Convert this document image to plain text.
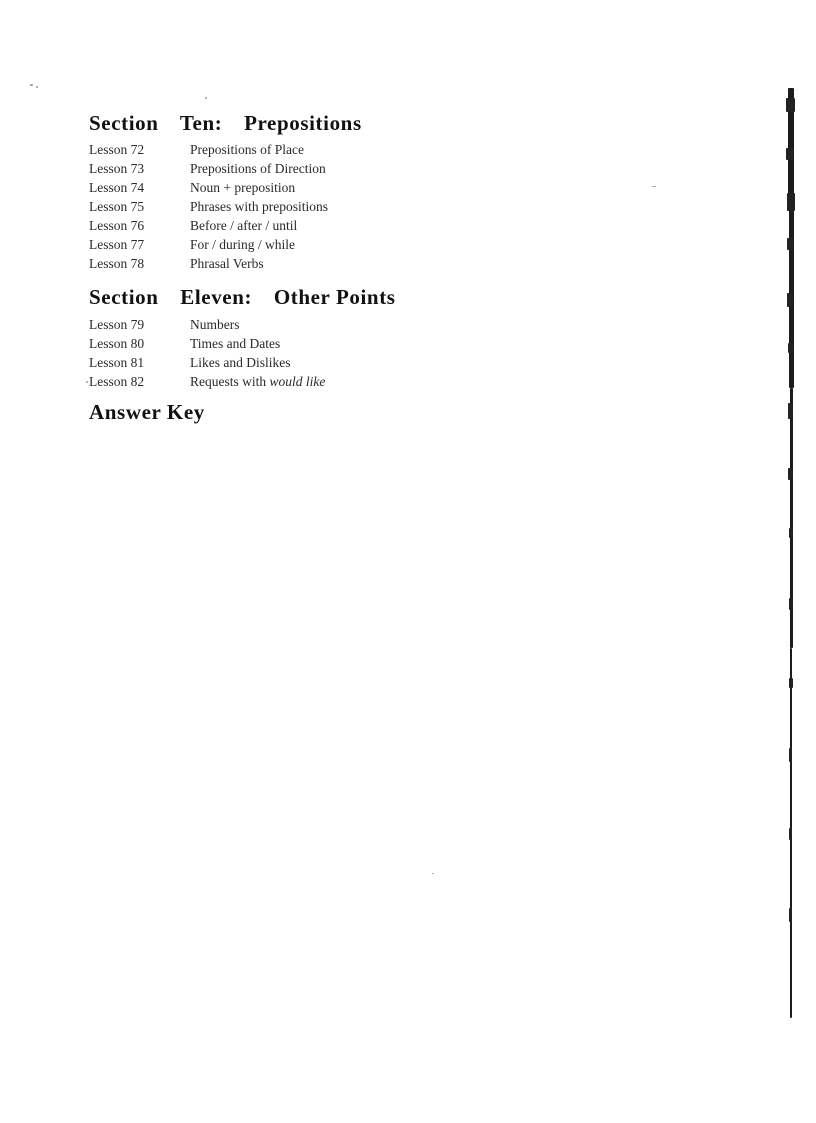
Section Ten: Prepositions
Lesson 72	Prepositions of Place
Lesson 73	Prepositions of Direction
Lesson 74	Noun + preposition
Lesson 75	Phrases with prepositions
Lesson 76	Before / after / until
Lesson 77	For / during / while
Lesson 78	Phrasal Verbs
Section Eleven: Other Points
Lesson 79	Numbers
Lesson 80	Times and Dates
Lesson 81	Likes and Dislikes
Lesson 82	Requests with would like
Answer Key
